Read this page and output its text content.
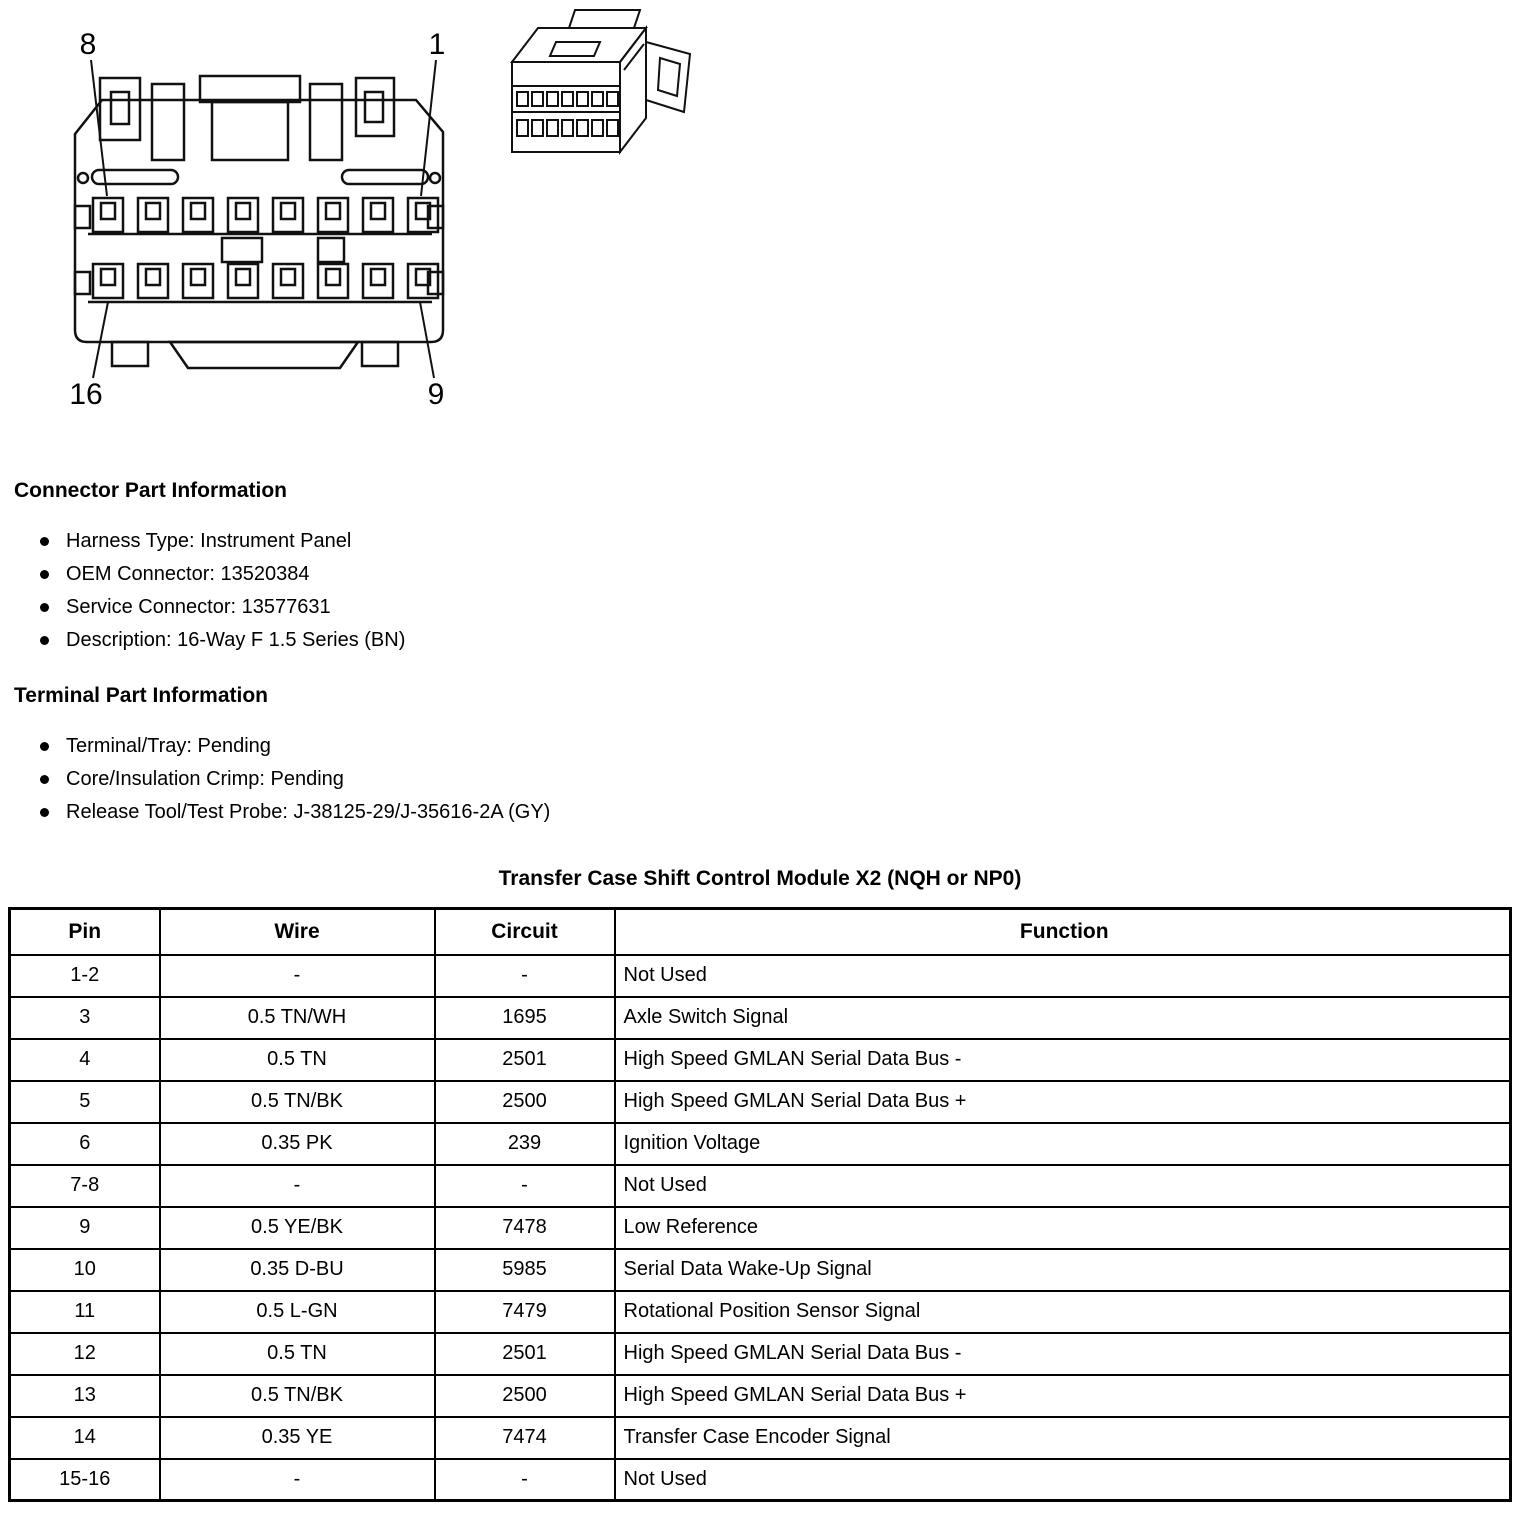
8	1
16	9
Connector Part Information
Harness Type: Instrument Panel
OEM Connector: 13520384
Service Connector: 13577631
Description: 16-Way F 1.5 Series (BN)
Terminal Part Information
Terminal/Tray: Pending
Core/Insulation Crimp: Pending
Release Tool/Test Probe: J-38125-29/J-35616-2A (GY)
Transfer Case Shift Control Module X2 (NQH or NP0)
Pin	Wire	Circuit	Function
1-2	-	-	Not Used
3	0.5 TN/WH	1695	Axle Switch Signal
4	0.5 TN	2501	High Speed GMLAN Serial Data Bus -
5	0.5 TN/BK	2500	High Speed GMLAN Serial Data Bus +
6	0.35 PK	239	Ignition Voltage
7-8	-	-	Not Used
9	0.5 YE/BK	7478	Low Reference
10	0.35 D-BU	5985	Serial Data Wake-Up Signal
11	0.5 L-GN	7479	Rotational Position Sensor Signal
12	0.5 TN	2501	High Speed GMLAN Serial Data Bus -
13	0.5 TN/BK	2500	High Speed GMLAN Serial Data Bus +
14	0.35 YE	7474	Transfer Case Encoder Signal
15-16	-	-	Not Used
